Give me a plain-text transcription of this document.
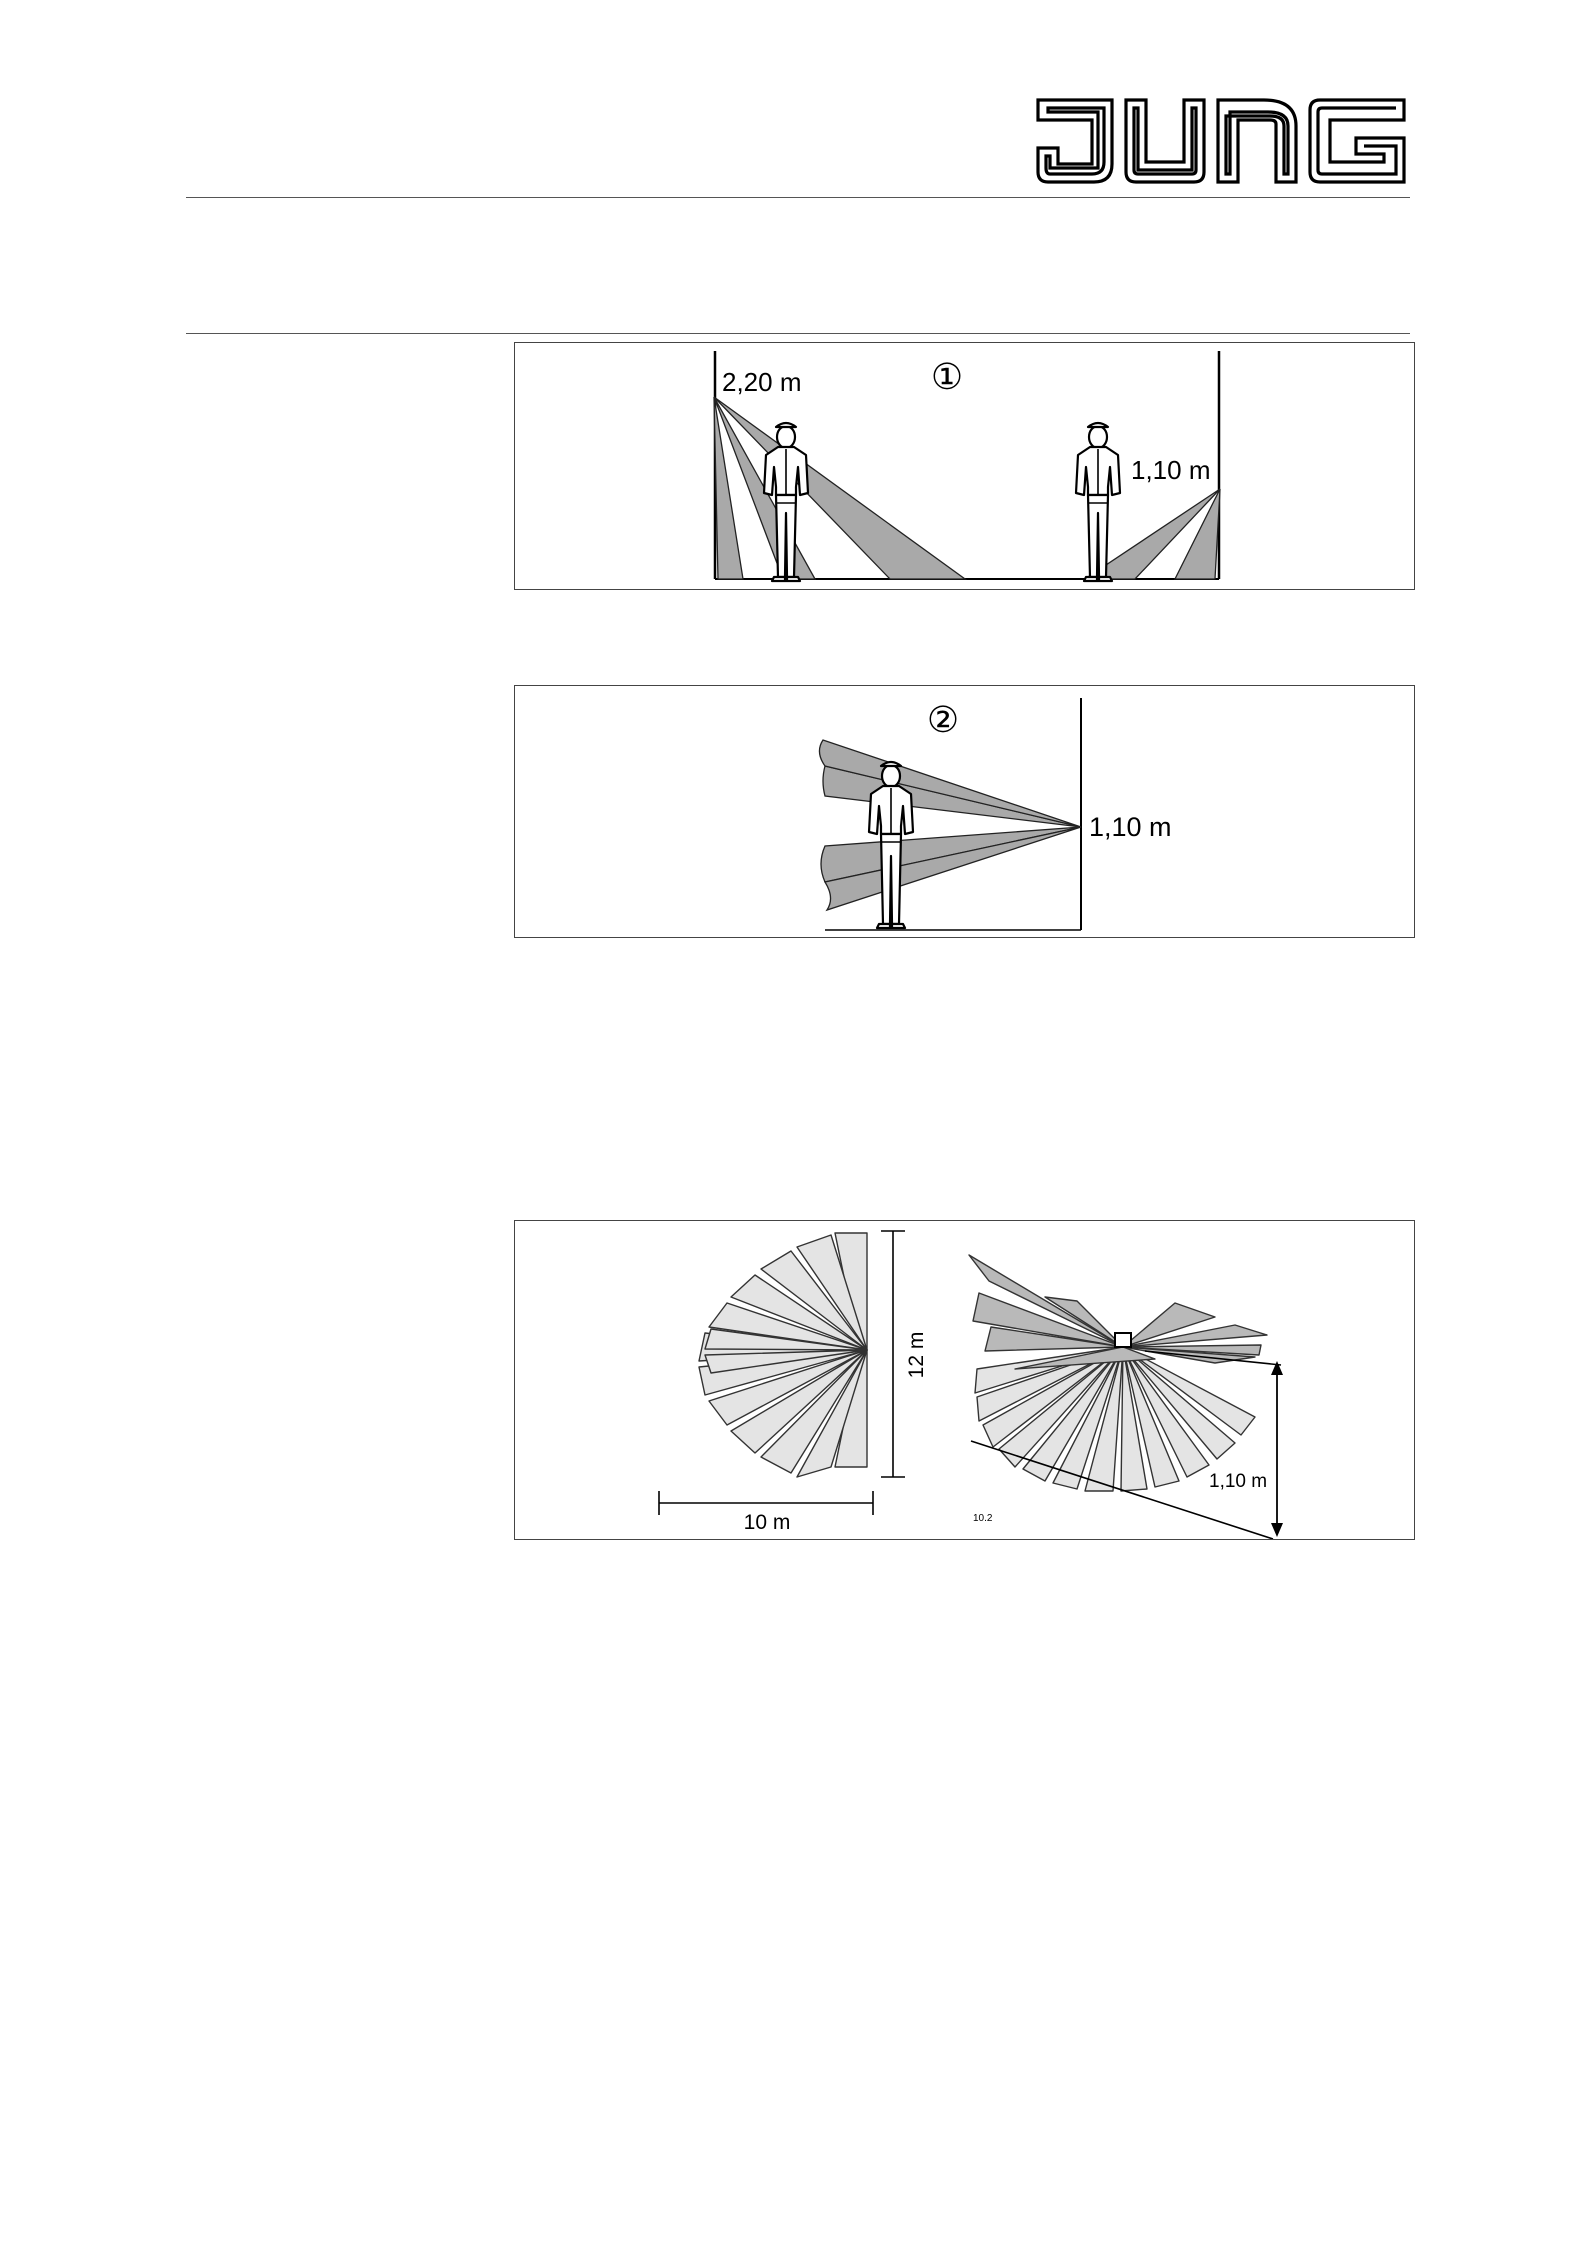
①
2,20 m
1,10 m
②
1,10 m
12 m
10 m
1,10 m
10.2
